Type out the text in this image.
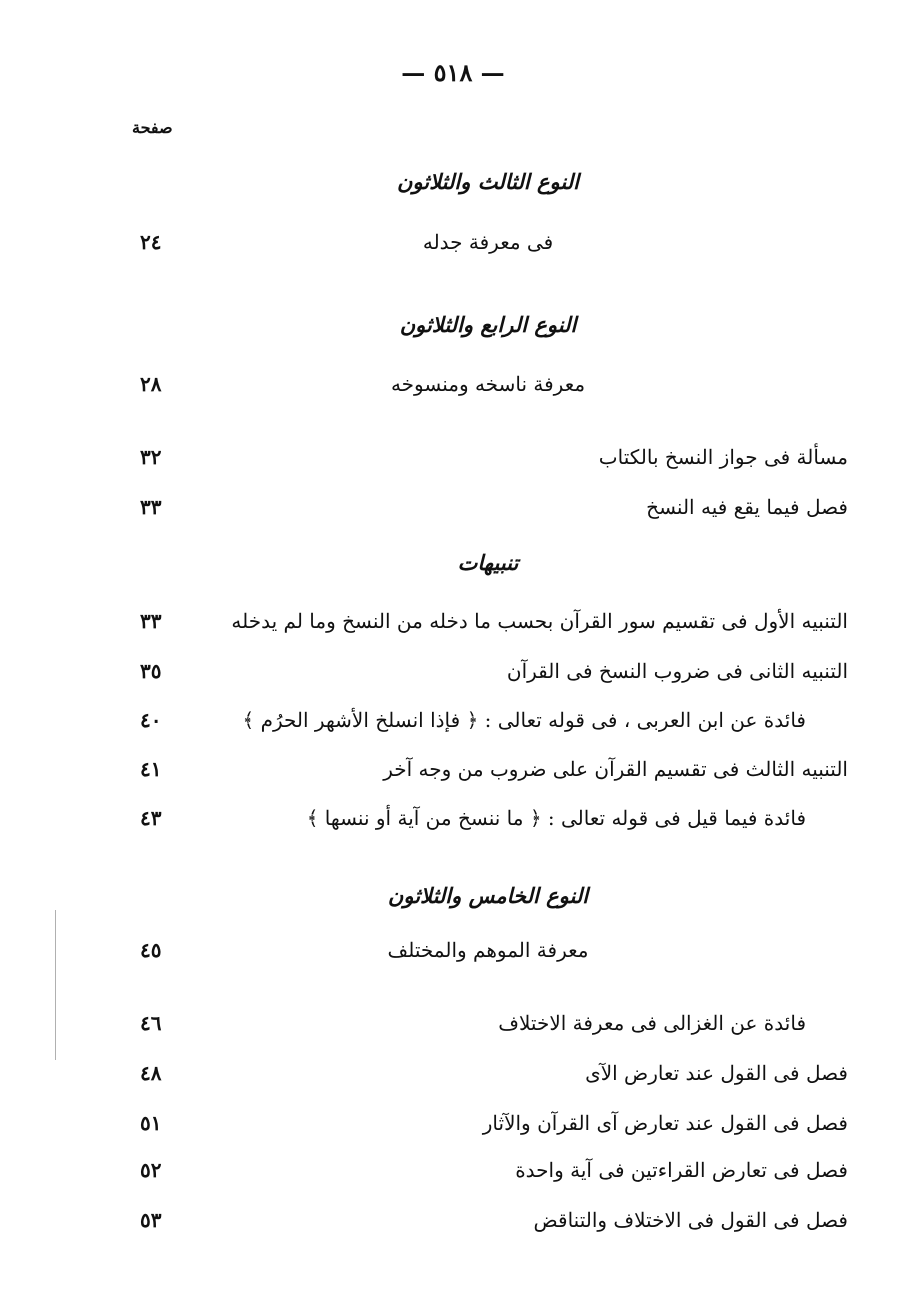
— ٥١٨ —
صفحة
النوع الثالث والثلاثون
فى معرفة جدله
٢٤
النوع الرابع والثلاثون
معرفة ناسخه ومنسوخه
٢٨
مسألة فى جواز النسخ بالكتاب
٣٢
فصل فيما يقع فيه النسخ
٣٣
تنبيهات
التنبيه الأول فى تقسيم سور القرآن بحسب ما دخله من النسخ وما لم يدخله
٣٣
التنبيه الثانى فى ضروب النسخ فى القرآن
٣٥
فائدة عن ابن العربى ، فى قوله تعالى : ﴿ فإذا انسلخ الأشهر الحرُم ﴾
٤٠
التنبيه الثالث فى تقسيم القرآن على ضروب من وجه آخر
٤١
فائدة فيما قيل فى قوله تعالى : ﴿ ما ننسخ من آية أو ننسها ﴾
٤٣
النوع الخامس والثلاثون
معرفة الموهم والمختلف
٤٥
فائدة عن الغزالى فى معرفة الاختلاف
٤٦
فصل فى القول عند تعارض الآى
٤٨
فصل فى القول عند تعارض آى القرآن والآثار
٥١
فصل فى تعارض القراءتين فى آية واحدة
٥٢
فصل فى القول فى الاختلاف والتناقض
٥٣
